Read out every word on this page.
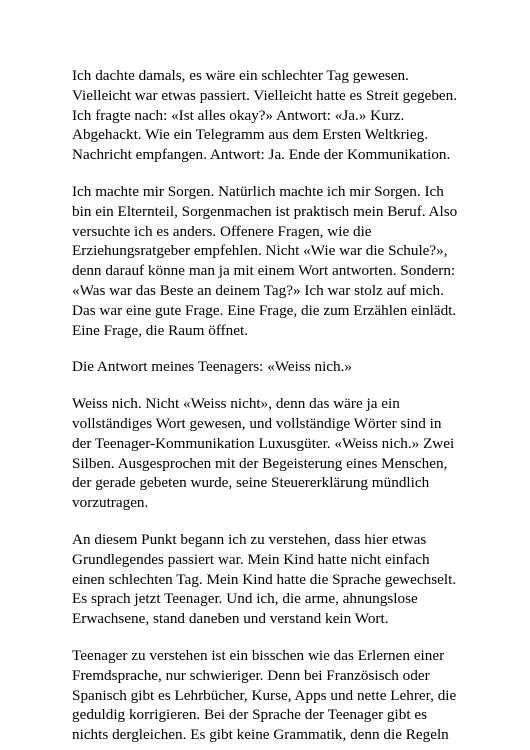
Ich dachte damals, es wäre ein schlechter Tag gewesen.
Vielleicht war etwas passiert. Vielleicht hatte es Streit gegeben.
Ich fragte nach: «Ist alles okay?» Antwort: «Ja.» Kurz.
Abgehackt. Wie ein Telegramm aus dem Ersten Weltkrieg.
Nachricht empfangen. Antwort: Ja. Ende der Kommunikation.

Ich machte mir Sorgen. Natürlich machte ich mir Sorgen. Ich
bin ein Elternteil, Sorgenmachen ist praktisch mein Beruf. Also
versuchte ich es anders. Offenere Fragen, wie die
Erziehungsratgeber empfehlen. Nicht «Wie war die Schule?»,
denn darauf könne man ja mit einem Wort antworten. Sondern:
«Was war das Beste an deinem Tag?» Ich war stolz auf mich.
Das war eine gute Frage. Eine Frage, die zum Erzählen einlädt.
Eine Frage, die Raum öffnet.

Die Antwort meines Teenagers: «Weiss nich.»

Weiss nich. Nicht «Weiss nicht», denn das wäre ja ein
vollständiges Wort gewesen, und vollständige Wörter sind in
der Teenager-Kommunikation Luxusgüter. «Weiss nich.» Zwei
Silben. Ausgesprochen mit der Begeisterung eines Menschen,
der gerade gebeten wurde, seine Steuererklärung mündlich
vorzutragen.

An diesem Punkt begann ich zu verstehen, dass hier etwas
Grundlegendes passiert war. Mein Kind hatte nicht einfach
einen schlechten Tag. Mein Kind hatte die Sprache gewechselt.
Es sprach jetzt Teenager. Und ich, die arme, ahnungslose
Erwachsene, stand daneben und verstand kein Wort.

Teenager zu verstehen ist ein bisschen wie das Erlernen einer
Fremdsprache, nur schwieriger. Denn bei Französisch oder
Spanisch gibt es Lehrbücher, Kurse, Apps und nette Lehrer, die
geduldig korrigieren. Bei der Sprache der Teenager gibt es
nichts dergleichen. Es gibt keine Grammatik, denn die Regeln
